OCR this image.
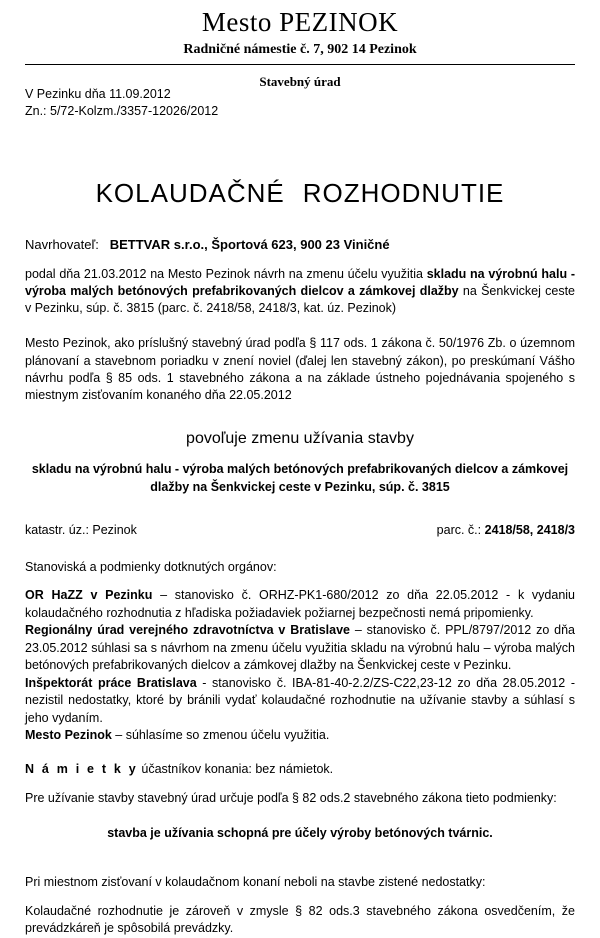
Mesto PEZINOK
Radničné námestie č. 7, 902 14 Pezinok
Stavebný úrad
V Pezinku dňa 11.09.2012
Zn.: 5/72-Kolzm./3357-12026/2012
KOLAUDAČNÉ ROZHODNUTIE
Navrhovateľ: BETTVAR s.r.o., Športová 623, 900 23 Viničné
podal dňa 21.03.2012 na Mesto Pezinok návrh na zmenu účelu využitia skladu na výrobnú halu - výroba malých betónových prefabrikovaných dielcov a zámkovej dlažby na Šenkvickej ceste v Pezinku, súp. č. 3815 (parc. č. 2418/58, 2418/3, kat. úz. Pezinok)
Mesto Pezinok, ako príslušný stavebný úrad podľa § 117 ods. 1 zákona č. 50/1976 Zb. o územnom plánovaní a stavebnom poriadku v znení noviel (ďalej len stavebný zákon), po preskúmaní Vášho návrhu podľa § 85 ods. 1 stavebného zákona a na základe ústneho pojednávania spojeného s miestnym zisťovaním konaného dňa 22.05.2012
povoľuje zmenu užívania stavby
skladu na výrobnú halu - výroba malých betónových prefabrikovaných dielcov a zámkovej dlažby na Šenkvickej ceste v Pezinku, súp. č. 3815
katastr. úz.: Pezinok	parc. č.: 2418/58, 2418/3
Stanoviská a podmienky dotknutých orgánov:
OR HaZZ v Pezinku – stanovisko č. ORHZ-PK1-680/2012 zo dňa 22.05.2012 - k vydaniu kolaudačného rozhodnutia z hľadiska požiadaviek požiarnej bezpečnosti nemá pripomienky.
Regionálny úrad verejného zdravotníctva v Bratislave – stanovisko č. PPL/8797/2012 zo dňa 23.05.2012 súhlasi sa s návrhom na zmenu účelu využitia skladu na výrobnú halu – výroba malých betónových prefabrikovaných dielcov a zámkovej dlažby na Šenkvickej ceste v Pezinku.
Inšpektorát práce Bratislava - stanovisko č. IBA-81-40-2.2/ZS-C22,23-12 zo dňa 28.05.2012 - nezistil nedostatky, ktoré by bránili vydať kolaudačné rozhodnutie na užívanie stavby a súhlasí s jeho vydaním.
Mesto Pezinok – súhlasíme so zmenou účelu využitia.
N á m i e t k y účastníkov konania: bez námietok.
Pre užívanie stavby stavebný úrad určuje podľa § 82 ods.2 stavebného zákona tieto podmienky:
stavba je užívania schopná pre účely výroby betónových tvárnic.
Pri miestnom zisťovaní v kolaudačnom konaní neboli na stavbe zistené nedostatky:
Kolaudačné rozhodnutie je zároveň v zmysle § 82 ods.3 stavebného zákona osvedčením, že prevádzkáreň je spôsobilá prevádzky.
